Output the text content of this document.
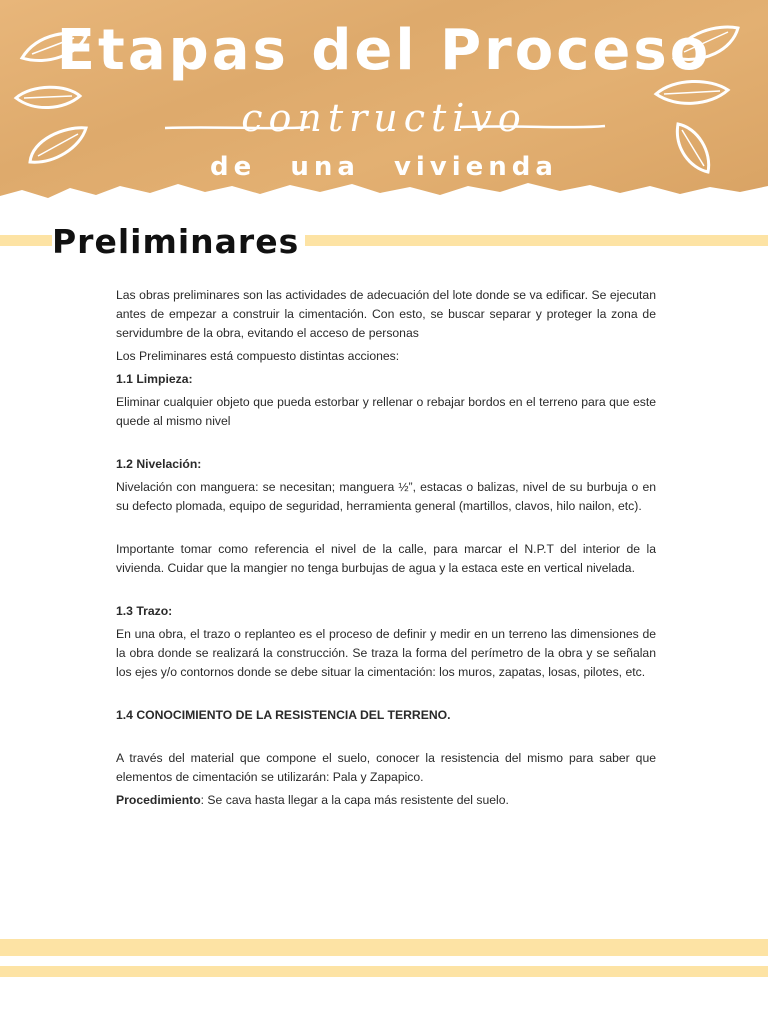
Etapas del Proceso
contructivo
de una vivienda
Preliminares

Las obras preliminares son las actividades de adecuación del lote donde se va edificar. Se ejecutan antes de empezar a construir la cimentación. Con esto, se buscar separar y proteger la zona de servidumbre de la obra, evitando el acceso de personas

Los Preliminares está compuesto distintas acciones:

1.1 Limpieza:

Eliminar cualquier objeto que pueda estorbar y rellenar o rebajar bordos en el terreno para que este quede al mismo nivel

1.2 Nivelación:

Nivelación con manguera: se necesitan; manguera ½”, estacas o balizas, nivel de su burbuja o en su defecto plomada, equipo de seguridad, herramienta general (martillos, clavos, hilo nailon, etc).

Importante tomar como referencia el nivel de la calle, para marcar el N.P.T del interior de la vivienda. Cuidar que la mangier no tenga burbujas de agua y la estaca este en vertical nivelada.

1.3 Trazo:

En una obra, el trazo o replanteo es el proceso de definir y medir en un terreno las dimensiones de la obra donde se realizará la construcción. Se traza la forma del perímetro de la obra y se señalan los ejes y/o contornos donde se debe situar la cimentación: los muros, zapatas, losas, pilotes, etc.

1.4 CONOCIMIENTO DE LA RESISTENCIA DEL TERRENO.

A través del material que compone el suelo, conocer la resistencia del mismo para saber que elementos de cimentación se utilizarán: Pala y Zapapico.

Procedimiento: Se cava hasta llegar a la capa más resistente del suelo.
